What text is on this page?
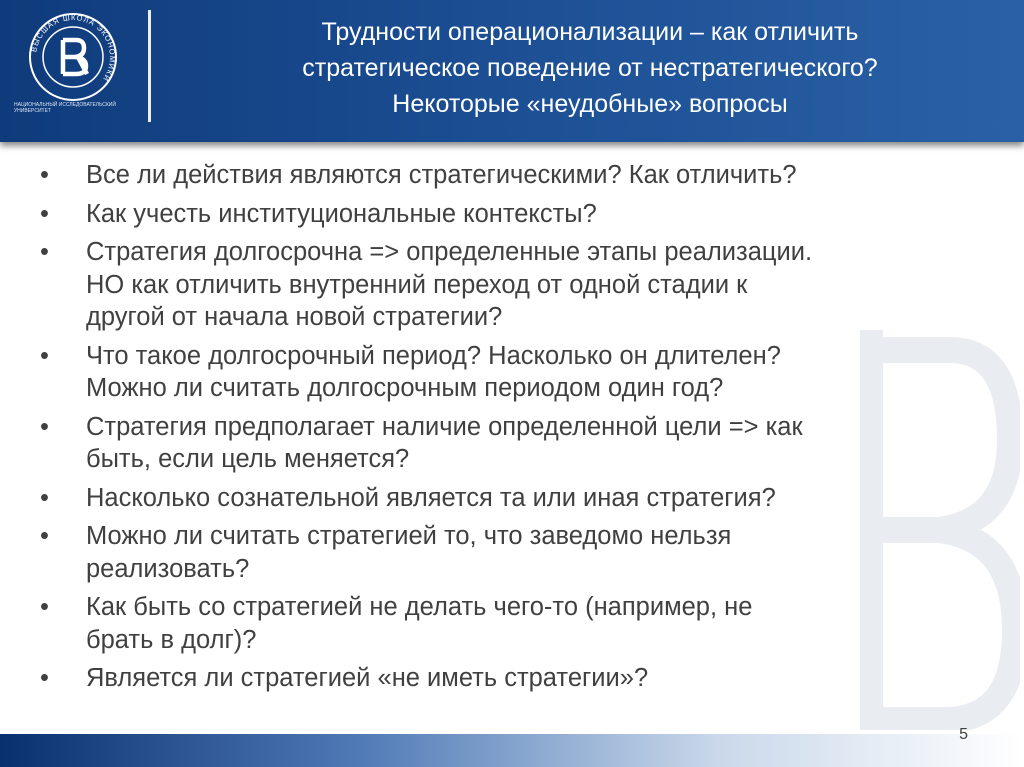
ВЫСШАЯ ШКОЛА ЭКОНОМИКИ
НАЦИОНАЛЬНЫЙ ИССЛЕДОВАТЕЛЬСКИЙ
УНИВЕРСИТЕТ
Трудности операционализации – как отличить
стратегическое поведение от нестратегического?
Некоторые «неудобные» вопросы
• Все ли действия являются стратегическими? Как отличить?
• Как учесть институциональные контексты?
• Стратегия долгосрочна => определенные этапы реализации.
НО как отличить внутренний переход от одной стадии к
другой от начала новой стратегии?
• Что такое долгосрочный период? Насколько он длителен?
Можно ли считать долгосрочным периодом один год?
• Стратегия предполагает наличие определенной цели => как
быть, если цель меняется?
• Насколько сознательной является та или иная стратегия?
• Можно ли считать стратегией то, что заведомо нельзя
реализовать?
• Как быть со стратегией не делать чего-то (например, не
брать в долг)?
• Является ли стратегией «не иметь стратегии»?
5
